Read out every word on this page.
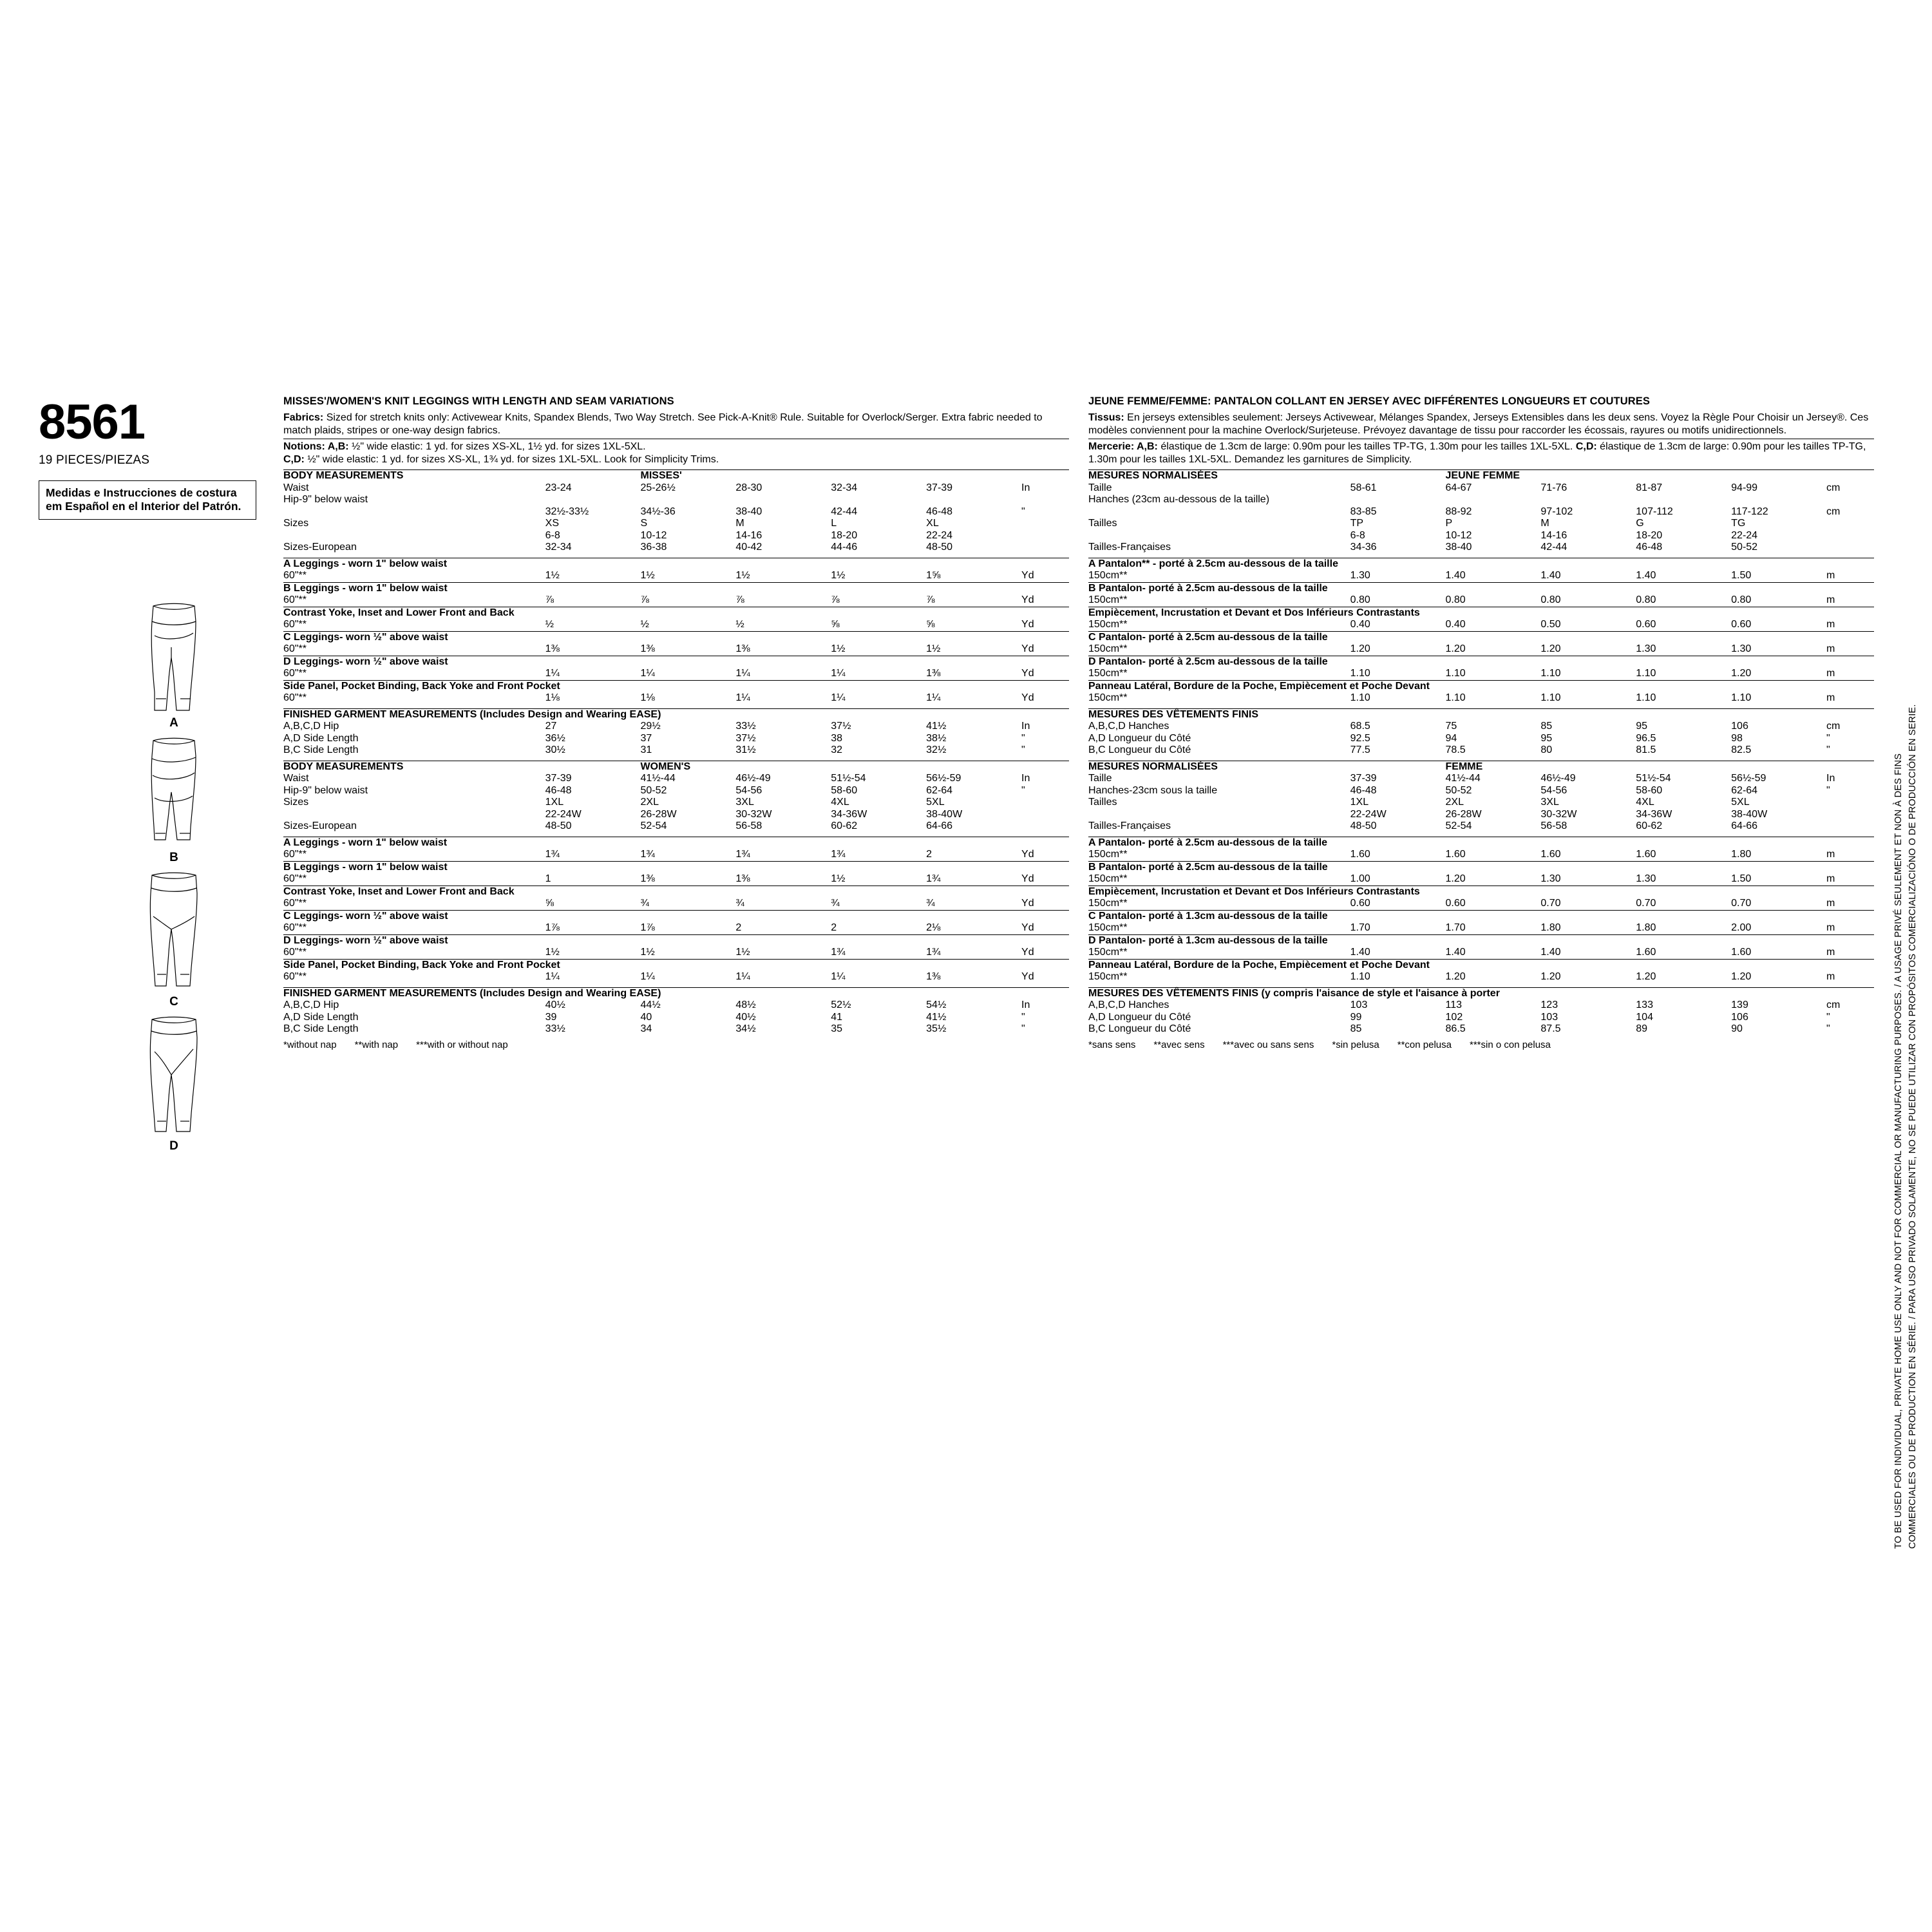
8561
19 PIECES/PIEZAS
Medidas e Instrucciones de costura em Español en el Interior del Patrón.
A
B
C
D
MISSES'/WOMEN'S KNIT LEGGINGS WITH LENGTH AND SEAM VARIATIONS
Fabrics: Sized for stretch knits only: Activewear Knits, Spandex Blends, Two Way Stretch. See Pick-A-Knit® Rule. Suitable for Overlock/Serger. Extra fabric needed to match plaids, stripes or one-way design fabrics.
Notions: A,B: ½" wide elastic: 1 yd. for sizes XS-XL, 1½ yd. for sizes 1XL-5XL.
C,D: ½" wide elastic: 1 yd. for sizes XS-XL, 1¾ yd. for sizes 1XL-5XL. Look for Simplicity Trims.
BODY MEASUREMENTS		MISSES'				
Waist	23-24	25-26½	28-30	32-34	37-39	In
Hip-9" below waist						
	32½-33½	34½-36	38-40	42-44	46-48	"
Sizes	XS	S	M	L	XL	
	6-8	10-12	14-16	18-20	22-24	
Sizes-European	32-34	36-38	40-42	44-46	48-50	
A Leggings - worn 1" below waist						
60"**	1½	1½	1½	1½	1⅝	Yd
B Leggings - worn 1" below waist						
60"**	⅞	⅞	⅞	⅞	⅞	Yd
Contrast Yoke, Inset and Lower Front and Back						
60"**	½	½	½	⅝	⅝	Yd
C Leggings- worn ½" above waist						
60"**	1⅜	1⅜	1⅜	1½	1½	Yd
D Leggings- worn ½" above waist						
60"**	1¼	1¼	1¼	1¼	1⅜	Yd
Side Panel, Pocket Binding, Back Yoke and Front Pocket						
60"**	1⅛	1⅛	1¼	1¼	1¼	Yd
FINISHED GARMENT MEASUREMENTS (Includes Design and Wearing EASE)						
A,B,C,D Hip	27	29½	33½	37½	41½	In
A,D Side Length	36½	37	37½	38	38½	"
B,C Side Length	30½	31	31½	32	32½	"
BODY MEASUREMENTS		WOMEN'S				
Waist	37-39	41½-44	46½-49	51½-54	56½-59	In
Hip-9" below waist	46-48	50-52	54-56	58-60	62-64	"
Sizes	1XL	2XL	3XL	4XL	5XL	
	22-24W	26-28W	30-32W	34-36W	38-40W	
Sizes-European	48-50	52-54	56-58	60-62	64-66	
A Leggings - worn 1" below waist						
60"**	1¾	1¾	1¾	1¾	2	Yd
B Leggings - worn 1" below waist						
60"**	1	1⅜	1⅜	1½	1¾	Yd
Contrast Yoke, Inset and Lower Front and Back						
60"**	⅝	¾	¾	¾	¾	Yd
C Leggings- worn ½" above waist						
60"**	1⅞	1⅞	2	2	2⅛	Yd
D Leggings- worn ½" above waist						
60"**	1½	1½	1½	1¾	1¾	Yd
Side Panel, Pocket Binding, Back Yoke and Front Pocket						
60"**	1¼	1¼	1¼	1¼	1⅜	Yd
FINISHED GARMENT MEASUREMENTS (Includes Design and Wearing EASE)						
A,B,C,D Hip	40½	44½	48½	52½	54½	In
A,D Side Length	39	40	40½	41	41½	"
B,C Side Length	33½	34	34½	35	35½	"
*without nap **with nap ***with or without nap
JEUNE FEMME/FEMME: PANTALON COLLANT EN JERSEY AVEC DIFFÉRENTES LONGUEURS ET COUTURES
Tissus: En jerseys extensibles seulement: Jerseys Activewear, Mélanges Spandex, Jerseys Extensibles dans les deux sens. Voyez la Règle Pour Choisir un Jersey®. Ces modèles conviennent pour la machine Overlock/Surjeteuse. Prévoyez davantage de tissu pour raccorder les écossais, rayures ou motifs unidirectionnels.
Mercerie: A,B: élastique de 1.3cm de large: 0.90m pour les tailles TP-TG, 1.30m pour les tailles 1XL-5XL. C,D: élastique de 1.3cm de large: 0.90m pour les tailles TP-TG, 1.30m pour les tailles 1XL-5XL. Demandez les garnitures de Simplicity.
MESURES NORMALISÉES		JEUNE FEMME				
Taille	58-61	64-67	71-76	81-87	94-99	cm
Hanches (23cm au-dessous de la taille)						
	83-85	88-92	97-102	107-112	117-122	cm
Tailles	TP	P	M	G	TG	
	6-8	10-12	14-16	18-20	22-24	
Tailles-Françaises	34-36	38-40	42-44	46-48	50-52	
A Pantalon** - porté à 2.5cm au-dessous de la taille						
150cm**	1.30	1.40	1.40	1.40	1.50	m
B Pantalon- porté à 2.5cm au-dessous de la taille						
150cm**	0.80	0.80	0.80	0.80	0.80	m
Empiècement, Incrustation et Devant et Dos Inférieurs Contrastants						
150cm**	0.40	0.40	0.50	0.60	0.60	m
C Pantalon- porté à 2.5cm au-dessous de la taille						
150cm**	1.20	1.20	1.20	1.30	1.30	m
D Pantalon- porté à 2.5cm au-dessous de la taille						
150cm**	1.10	1.10	1.10	1.10	1.20	m
Panneau Latéral, Bordure de la Poche, Empiècement et Poche Devant						
150cm**	1.10	1.10	1.10	1.10	1.10	m
MESURES DES VÊTEMENTS FINIS						
A,B,C,D Hanches	68.5	75	85	95	106	cm
A,D Longueur du Côté	92.5	94	95	96.5	98	"
B,C Longueur du Côté	77.5	78.5	80	81.5	82.5	"
MESURES NORMALISÉES		FEMME				
Taille	37-39	41½-44	46½-49	51½-54	56½-59	In
Hanches-23cm sous la taille	46-48	50-52	54-56	58-60	62-64	"
Tailles	1XL	2XL	3XL	4XL	5XL	
	22-24W	26-28W	30-32W	34-36W	38-40W	
Tailles-Françaises	48-50	52-54	56-58	60-62	64-66	
A Pantalon- porté à 2.5cm au-dessous de la taille						
150cm**	1.60	1.60	1.60	1.60	1.80	m
B Pantalon- porté à 2.5cm au-dessous de la taille						
150cm**	1.00	1.20	1.30	1.30	1.50	m
Empiècement, Incrustation et Devant et Dos Inférieurs Contrastants						
150cm**	0.60	0.60	0.70	0.70	0.70	m
C Pantalon- porté à 1.3cm au-dessous de la taille						
150cm**	1.70	1.70	1.80	1.80	2.00	m
D Pantalon- porté à 1.3cm au-dessous de la taille						
150cm**	1.40	1.40	1.40	1.60	1.60	m
Panneau Latéral, Bordure de la Poche, Empiècement et Poche Devant						
150cm**	1.10	1.20	1.20	1.20	1.20	m
MESURES DES VÊTEMENTS FINIS (y compris l'aisance de style et l'aisance à porter						
A,B,C,D Hanches	103	113	123	133	139	cm
A,D Longueur du Côté	99	102	103	104	106	"
B,C Longueur du Côté	85	86.5	87.5	89	90	"
*sans sens **avec sens ***avec ou sans sens *sin pelusa **con pelusa ***sin o con pelusa	TO BE USED FOR INDIVIDUAL, PRIVATE HOME USE ONLY AND NOT FOR COMMERCIAL OR MANUFACTURING PURPOSES. / A USAGE PRIVÉ SEULEMENT ET NON À DES FINS COMMERCIALES OU DE PRODUCTION EN SÉRIE. / PARA USO PRIVADO SOLAMENTE, NO SE PUEDE UTILIZAR CON PROPÓSITOS COMERCIALIZACIÓNO O DE PRODUCCIÓN EN SERIE.
